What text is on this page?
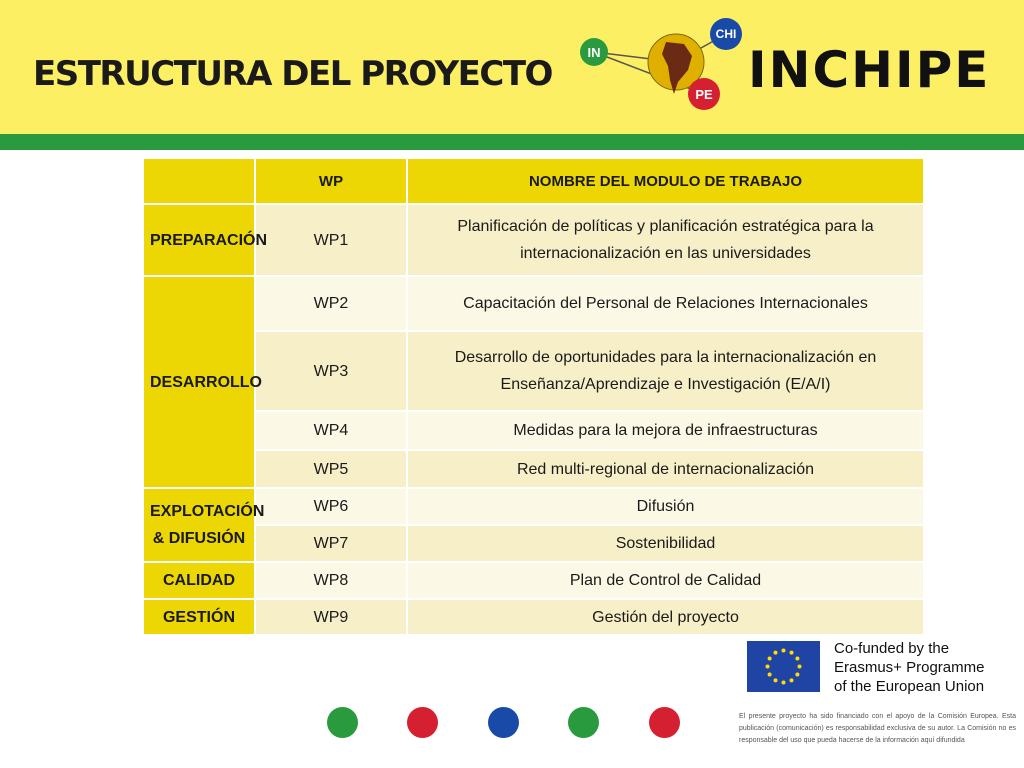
ESTRUCTURA DEL PROYECTO
IN
CHI
PE INCHIPE
	WP	NOMBRE DEL MODULO DE TRABAJO
PREPARACIÓN	WP1	Planificación de políticas y planificación estratégica para la internacionalización en las universidades
DESARROLLO	WP2	Capacitación del Personal de Relaciones Internacionales
	WP3	Desarrollo de oportunidades para la internacionalización en Enseñanza/Aprendizaje e Investigación (E/A/I)
	WP4	Medidas para la mejora de infraestructuras
	WP5	Red multi-regional de internacionalización
EXPLOTACIÓN & DIFUSIÓN	WP6	Difusión
	WP7	Sostenibilidad
CALIDAD	WP8	Plan de Control de Calidad
GESTIÓN	WP9	Gestión del proyecto
Co-funded by the
Erasmus+ Programme
of the European Union
El presente proyecto ha sido financiado con el apoyo de la Comisión Europea. Esta publicación (comunicación) es responsabilidad exclusiva de su autor. La Comisión no es responsable del uso que pueda hacerse de la información aquí difundida
